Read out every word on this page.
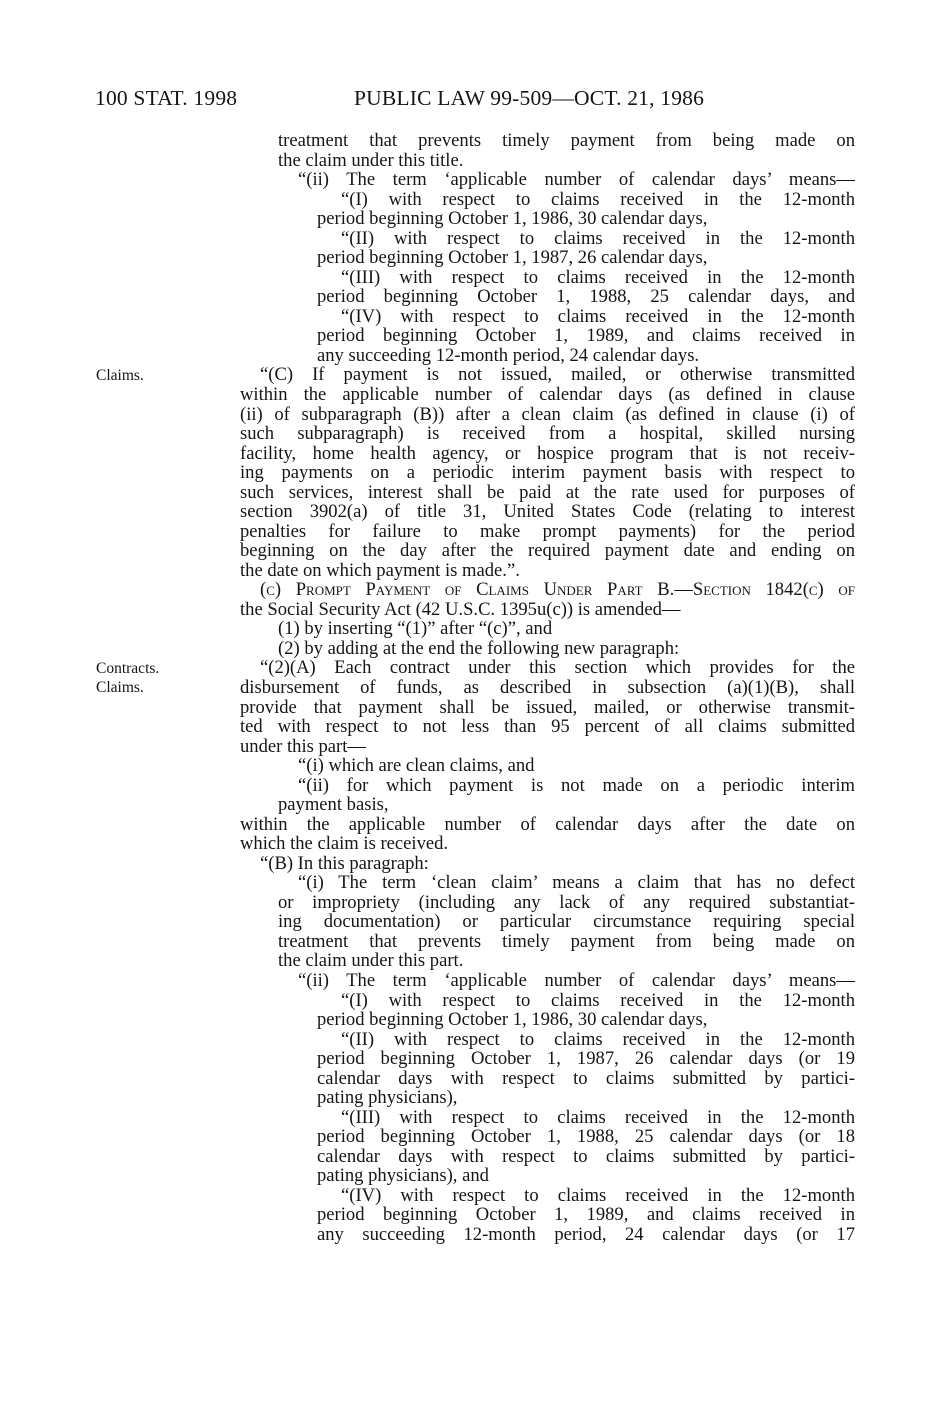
100 STAT. 1998	PUBLIC LAW 99-509—OCT. 21, 1986
Claims.
Contracts.
Claims.
treatment that prevents timely payment from being made on
the claim under this title.
“(ii) The term ‘applicable number of calendar days’ means—
“(I) with respect to claims received in the 12-month
period beginning October 1, 1986, 30 calendar days,
“(II) with respect to claims received in the 12-month
period beginning October 1, 1987, 26 calendar days,
“(III) with respect to claims received in the 12-month
period beginning October 1, 1988, 25 calendar days, and
“(IV) with respect to claims received in the 12-month
period beginning October 1, 1989, and claims received in
any succeeding 12-month period, 24 calendar days.
“(C) If payment is not issued, mailed, or otherwise transmitted
within the applicable number of calendar days (as defined in clause
(ii) of subparagraph (B)) after a clean claim (as defined in clause (i) of
such subparagraph) is received from a hospital, skilled nursing
facility, home health agency, or hospice program that is not receiv-
ing payments on a periodic interim payment basis with respect to
such services, interest shall be paid at the rate used for purposes of
section 3902(a) of title 31, United States Code (relating to interest
penalties for failure to make prompt payments) for the period
beginning on the day after the required payment date and ending on
the date on which payment is made.”.
(c) Prompt Payment of Claims Under Part B.—Section 1842(c) of
the Social Security Act (42 U.S.C. 1395u(c)) is amended—
(1) by inserting “(1)” after “(c)”, and
(2) by adding at the end the following new paragraph:
“(2)(A) Each contract under this section which provides for the
disbursement of funds, as described in subsection (a)(1)(B), shall
provide that payment shall be issued, mailed, or otherwise transmit-
ted with respect to not less than 95 percent of all claims submitted
under this part—
“(i) which are clean claims, and
“(ii) for which payment is not made on a periodic interim
payment basis,
within the applicable number of calendar days after the date on
which the claim is received.
“(B) In this paragraph:
“(i) The term ‘clean claim’ means a claim that has no defect
or impropriety (including any lack of any required substantiat-
ing documentation) or particular circumstance requiring special
treatment that prevents timely payment from being made on
the claim under this part.
“(ii) The term ‘applicable number of calendar days’ means—
“(I) with respect to claims received in the 12-month
period beginning October 1, 1986, 30 calendar days,
“(II) with respect to claims received in the 12-month
period beginning October 1, 1987, 26 calendar days (or 19
calendar days with respect to claims submitted by partici-
pating physicians),
“(III) with respect to claims received in the 12-month
period beginning October 1, 1988, 25 calendar days (or 18
calendar days with respect to claims submitted by partici-
pating physicians), and
“(IV) with respect to claims received in the 12-month
period beginning October 1, 1989, and claims received in
any succeeding 12-month period, 24 calendar days (or 17
